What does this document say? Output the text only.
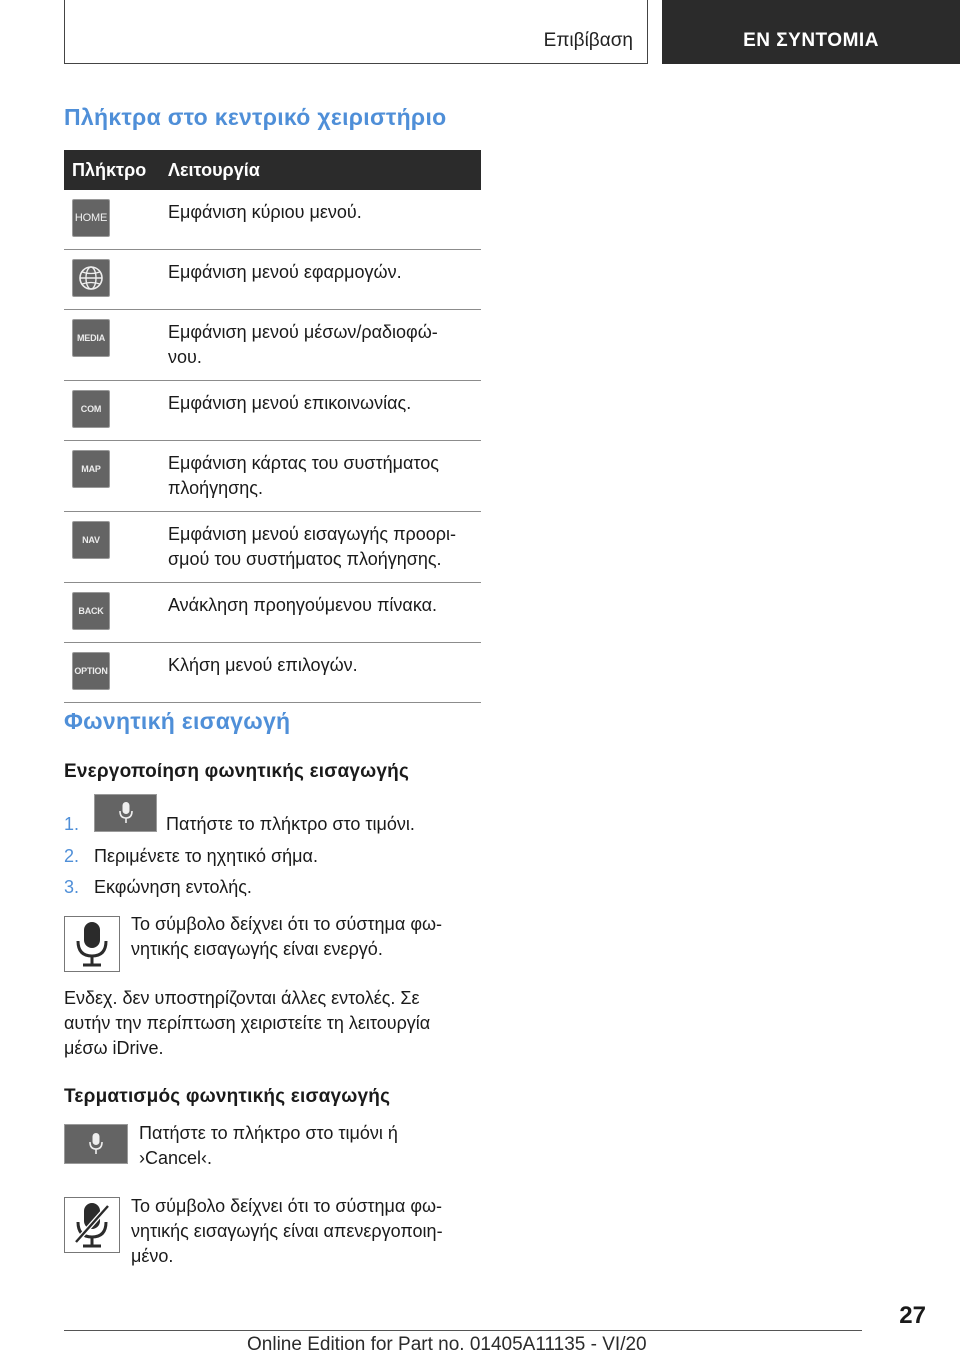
Επιβίβαση	ΕΝ ΣΥΝΤΟΜΙΑ
Πλήκτρα στο κεντρικό χειριστήριο
Πλήκτρο	Λειτουργία

HOME	Εμφάνιση κύριου μενού.

	Εμφάνιση μενού εφαρμογών.

MEDIA	Εμφάνιση μενού μέσων/ραδιοφώ‐νου.

COM	Εμφάνιση μενού επικοινωνίας.

MAP	Εμφάνιση κάρτας του συστήματος πλοήγησης.

NAV	Εμφάνιση μενού εισαγωγής προορι‐σμού του συστήματος πλοήγησης.

BACK	Ανάκληση προηγούμενου πίνακα.

OPTION	Κλήση μενού επιλογών.
Φωνητική εισαγωγή
Ενεργοποίηση φωνητικής εισαγωγής
1.	Πατήστε το πλήκτρο στο τιμόνι.
2. Περιμένετε το ηχητικό σήμα.
3. Εκφώνηση εντολής.
Το σύμβολο δείχνει ότι το σύστημα φω‐νητικής εισαγωγής είναι ενεργό.
Ενδεχ. δεν υποστηρίζονται άλλες εντολές. Σε αυτήν την περίπτωση χειριστείτε τη λειτουργία μέσω iDrive.
Τερματισμός φωνητικής εισαγωγής
Πατήστε το πλήκτρο στο τιμόνι ή ›Cancel‹.
Το σύμβολο δείχνει ότι το σύστημα φω‐νητικής εισαγωγής είναι απενεργοποιη‐μένο.
27
Online Edition for Part no. 01405A11135 - VI/20
